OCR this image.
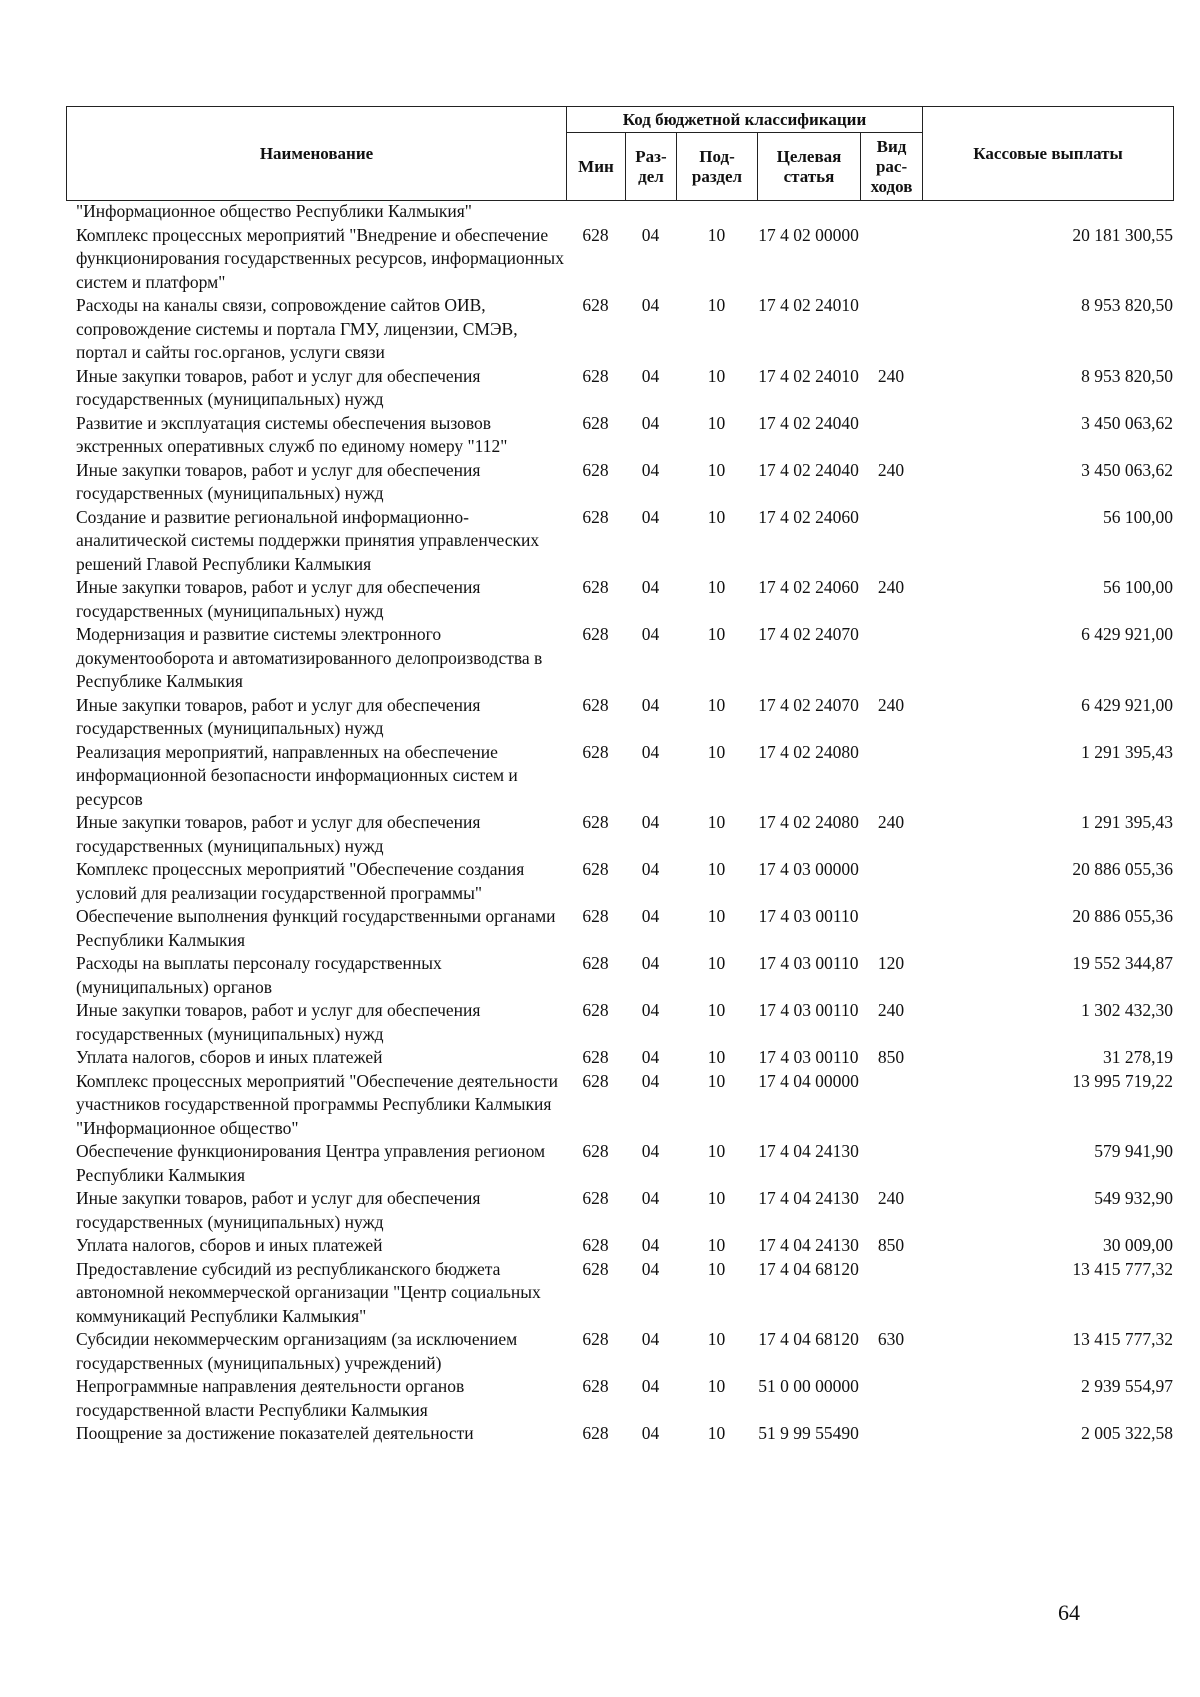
Наименование	Код бюджетной классификации					Кассовые выплаты
	Мин	Раз-дел	Под-раздел	Целевая статья	Вид рас-ходов	
"Информационное общество Республики Калмыкия"						
Комплекс процессных мероприятий "Внедрение и обеспечение функционирования государственных ресурсов, информационных систем и платформ"	628	04	10	17 4 02 00000		20 181 300,55
Расходы на каналы связи, сопровождение сайтов ОИВ, сопровождение системы и портала ГМУ, лицензии, СМЭВ, портал и сайты гос.органов, услуги связи	628	04	10	17 4 02 24010		8 953 820,50
Иные закупки товаров, работ и услуг для обеспечения государственных (муниципальных) нужд	628	04	10	17 4 02 24010	240	8 953 820,50
Развитие и эксплуатация системы обеспечения вызовов экстренных оперативных служб по единому номеру "112"	628	04	10	17 4 02 24040		3 450 063,62
Иные закупки товаров, работ и услуг для обеспечения государственных (муниципальных) нужд	628	04	10	17 4 02 24040	240	3 450 063,62
Создание и развитие региональной информационно-аналитической системы поддержки принятия управленческих решений Главой Республики Калмыкия	628	04	10	17 4 02 24060		56 100,00
Иные закупки товаров, работ и услуг для обеспечения государственных (муниципальных) нужд	628	04	10	17 4 02 24060	240	56 100,00
Модернизация и развитие системы электронного документооборота и автоматизированного делопроизводства в Республике Калмыкия	628	04	10	17 4 02 24070		6 429 921,00
Иные закупки товаров, работ и услуг для обеспечения государственных (муниципальных) нужд	628	04	10	17 4 02 24070	240	6 429 921,00
Реализация мероприятий, направленных на обеспечение информационной безопасности информационных систем и ресурсов	628	04	10	17 4 02 24080		1 291 395,43
Иные закупки товаров, работ и услуг для обеспечения государственных (муниципальных) нужд	628	04	10	17 4 02 24080	240	1 291 395,43
Комплекс процессных мероприятий "Обеспечение создания условий для реализации государственной программы"	628	04	10	17 4 03 00000		20 886 055,36
Обеспечение выполнения функций государственными органами Республики Калмыкия	628	04	10	17 4 03 00110		20 886 055,36
Расходы на выплаты персоналу государственных (муниципальных) органов	628	04	10	17 4 03 00110	120	19 552 344,87
Иные закупки товаров, работ и услуг для обеспечения государственных (муниципальных) нужд	628	04	10	17 4 03 00110	240	1 302 432,30
Уплата налогов, сборов и иных платежей	628	04	10	17 4 03 00110	850	31 278,19
Комплекс процессных мероприятий "Обеспечение деятельности участников государственной программы Республики Калмыкия "Информационное общество"	628	04	10	17 4 04 00000		13 995 719,22
Обеспечение функционирования Центра управления регионом Республики Калмыкия	628	04	10	17 4 04 24130		579 941,90
Иные закупки товаров, работ и услуг для обеспечения государственных (муниципальных) нужд	628	04	10	17 4 04 24130	240	549 932,90
Уплата налогов, сборов и иных платежей	628	04	10	17 4 04 24130	850	30 009,00
Предоставление субсидий из республиканского бюджета автономной некоммерческой организации "Центр социальных коммуникаций Республики Калмыкия"	628	04	10	17 4 04 68120		13 415 777,32
Субсидии некоммерческим организациям (за исключением государственных (муниципальных) учреждений)	628	04	10	17 4 04 68120	630	13 415 777,32
Непрограммные направления деятельности органов государственной власти Республики Калмыкия	628	04	10	51 0 00 00000		2 939 554,97
Поощрение за достижение показателей деятельности	628	04	10	51 9 99 55490		2 005 322,58
64
